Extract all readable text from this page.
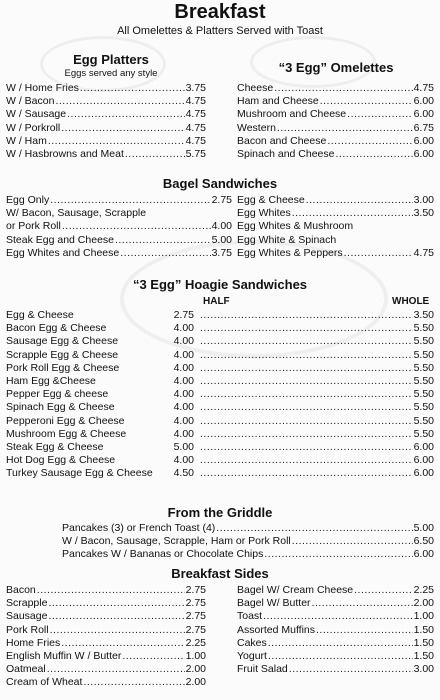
Breakfast
All Omelettes & Platters Served with Toast
Egg Platters
Eggs served any style
W / Home Fries .....	3.75
W / Bacon .....	4.75
W / Sausage .....	4.75
W / Porkroll .....	4.75
W / Ham .....	4.75
W / Hasbrowns and Meat .....	5.75
“3 Egg” Omelettes
Cheese .....	4.75
Ham and Cheese .....	6.00
Mushroom and Cheese .....	6.00
Western .....	6.75
Bacon and Cheese .....	6.00
Spinach and Cheese .....	6.00
Bagel Sandwiches
Egg Only .....	2.75
W/ Bacon, Sausage, Scrapple
or Pork Roll .....	4.00
Steak Egg and Cheese .....	5.00
Egg Whites and Cheese .....	3.75
Egg & Cheese .....	3.00
Egg Whites .....	3.50
Egg Whites & Mushroom
Egg White & Spinach
Egg Whites & Peppers .....	4.75
“3 Egg” Hoagie Sandwiches
HALF	WHOLE
Egg & Cheese	2.75 .....	3.50
Bacon Egg & Cheese	4.00 .....	5.50
Sausage Egg & Cheese	4.00 .....	5.50
Scrapple Egg & Cheese	4.00 .....	5.50
Pork Roll Egg & Cheese	4.00 .....	5.50
Ham Egg &Cheese	4.00 .....	5.50
Pepper Egg & cheese	4.00 .....	5.50
Spinach Egg & Cheese	4.00 .....	5.50
Pepperoni Egg & Cheese	4.00 .....	5.50
Mushroom Egg & Cheese	4.00 .....	5.50
Steak Egg & Cheese	5.00 .....	6.00
Hot Dog Egg & Cheese	4.00 .....	6.00
Turkey Sausage Egg & Cheese	4.50 .....	6.00
From the Griddle
Pancakes (3) or French Toast (4) .....	5.00
W / Bacon, Sausage, Scrapple, Ham or Pork Roll .....	6.50
Pancakes W / Bananas or Chocolate Chips .....	6.00
Breakfast Sides
Bacon .....	2.75
Scrapple .....	2.75
Sausage .....	2.75
Pork Roll .....	2.75
Home Fries .....	2.25
English Muffin W / Butter .....	1.00
Oatmeal .....	2.00
Cream of Wheat .....	2.00
Bagel W/ Cream Cheese .....	2.25
Bagel W/ Butter .....	2.00
Toast .....	1.00
Assorted Muffins .....	1.50
Cakes .....	1.50
Yogurt .....	1.50
Fruit Salad .....	3.00
